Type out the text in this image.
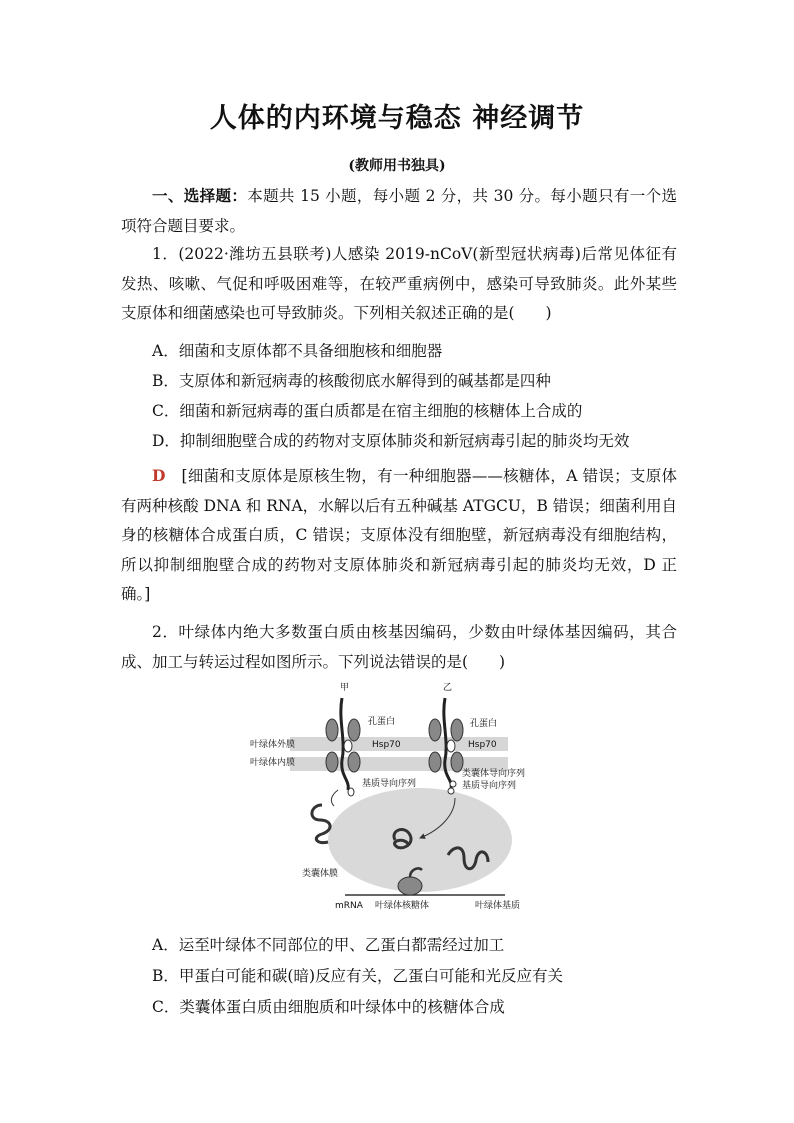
人体的内环境与稳态 神经调节
(教师用书独具)
一、选择题：本题共 15 小题，每小题 2 分，共 30 分。每小题只有一个选项符合题目要求。
1．(2022·潍坊五县联考)人感染 2019-nCoV(新型冠状病毒)后常见体征有发热、咳嗽、气促和呼吸困难等，在较严重病例中，感染可导致肺炎。此外某些支原体和细菌感染也可导致肺炎。下列相关叙述正确的是(　　)
A．细菌和支原体都不具备细胞核和细胞器
B．支原体和新冠病毒的核酸彻底水解得到的碱基都是四种
C．细菌和新冠病毒的蛋白质都是在宿主细胞的核糖体上合成的
D．抑制细胞壁合成的药物对支原体肺炎和新冠病毒引起的肺炎均无效
D　 [细菌和支原体是原核生物，有一种细胞器——核糖体，A 错误；支原体有两种核酸 DNA 和 RNA，水解以后有五种碱基 ATGCU，B 错误；细菌利用自身的核糖体合成蛋白质，C 错误；支原体没有细胞壁，新冠病毒没有细胞结构，所以抑制细胞壁合成的药物对支原体肺炎和新冠病毒引起的肺炎均无效，D 正确。]
2．叶绿体内绝大多数蛋白质由核基因编码，少数由叶绿体基因编码，其合成、加工与转运过程如图所示。下列说法错误的是(　　)
甲	乙
孔蛋白	孔蛋白
叶绿体外膜
叶绿体内膜
Hsp70	Hsp70
基质导向序列
类囊体导向序列
基质导向序列
类囊体膜
mRNA 叶绿体核糖体	叶绿体基质
A．运至叶绿体不同部位的甲、乙蛋白都需经过加工
B．甲蛋白可能和碳(暗)反应有关，乙蛋白可能和光反应有关
C．类囊体蛋白质由细胞质和叶绿体中的核糖体合成
